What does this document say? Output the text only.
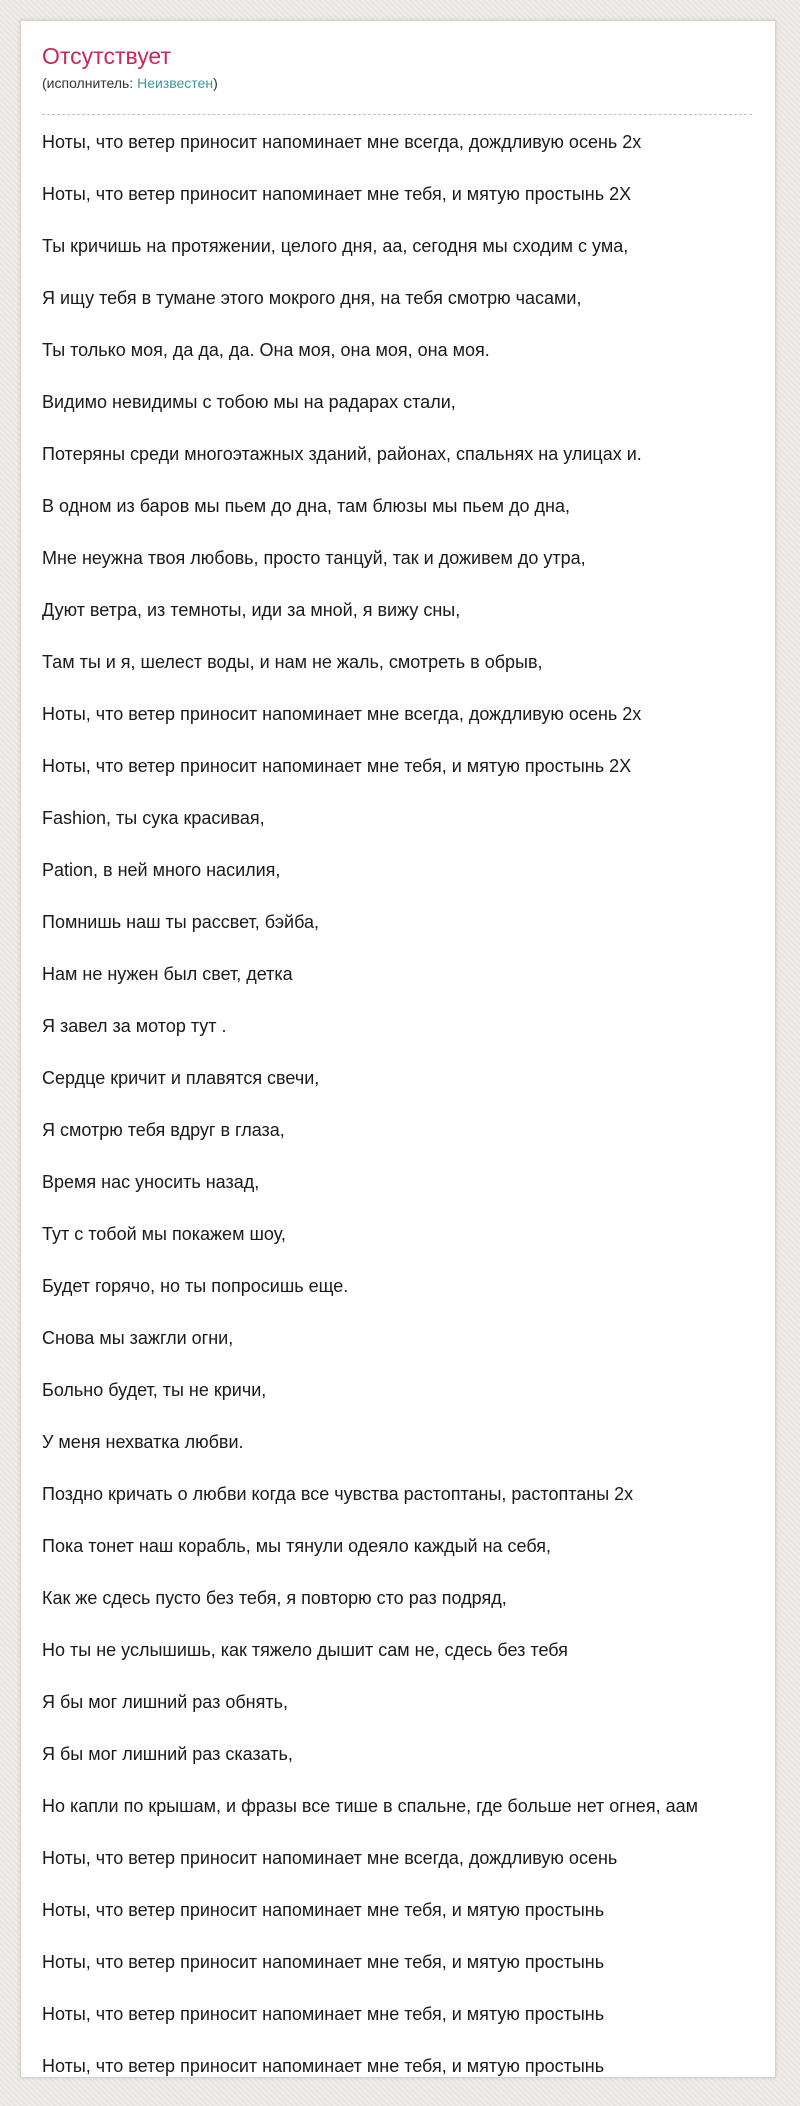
Отсутствует
(исполнитель: Неизвестен)
Ноты, что ветер приносит напоминает мне всегда, дождливую осень 2х
Ноты, что ветер приносит напоминает мне тебя, и мятую простынь 2Х
Ты кричишь на протяжении, целого дня, аа, сегодня мы сходим с ума,
Я ищу тебя в тумане этого мокрого дня, на тебя смотрю часами,
Ты только моя, да да, да. Она моя, она моя, она моя.
Видимо невидимы с тобою мы на радарах стали,
Потеряны среди многоэтажных зданий, районах, спальнях на улицах и.
В одном из баров мы пьем до дна, там блюзы мы пьем до дна,
Мне неужна твоя любовь, просто танцуй, так и доживем до утра,
Дуют ветра, из темноты, иди за мной, я вижу сны,
Там ты и я, шелест воды, и нам не жаль, смотреть в обрыв,
Ноты, что ветер приносит напоминает мне всегда, дождливую осень 2х
Ноты, что ветер приносит напоминает мне тебя, и мятую простынь 2Х
Fashion, ты сука красивая,
Pation, в ней много насилия,
Помнишь наш ты рассвет, бэйба,
Нам не нужен был свет, детка
Я завел за мотор тут .
Сердце кричит и плавятся свечи,
Я смотрю тебя вдруг в глаза,
Время нас уносить назад,
Тут с тобой мы покажем шоу,
Будет горячо, но ты попросишь еще.
Снова мы зажгли огни,
Больно будет, ты не кричи,
У меня нехватка любви.
Поздно кричать о любви когда все чувства растоптаны, растоптаны 2х
Пока тонет наш корабль, мы тянули одеяло каждый на себя,
Как же сдесь пусто без тебя, я повторю сто раз подряд,
Но ты не услышишь, как тяжело дышит сам не, сдесь без тебя
Я бы мог лишний раз обнять,
Я бы мог лишний раз сказать,
Но капли по крышам, и фразы все тише в спальне, где больше нет огнея, аам
Ноты, что ветер приносит напоминает мне всегда, дождливую осень
Ноты, что ветер приносит напоминает мне тебя, и мятую простынь
Ноты, что ветер приносит напоминает мне тебя, и мятую простынь
Ноты, что ветер приносит напоминает мне тебя, и мятую простынь
Ноты, что ветер приносит напоминает мне тебя, и мятую простынь
